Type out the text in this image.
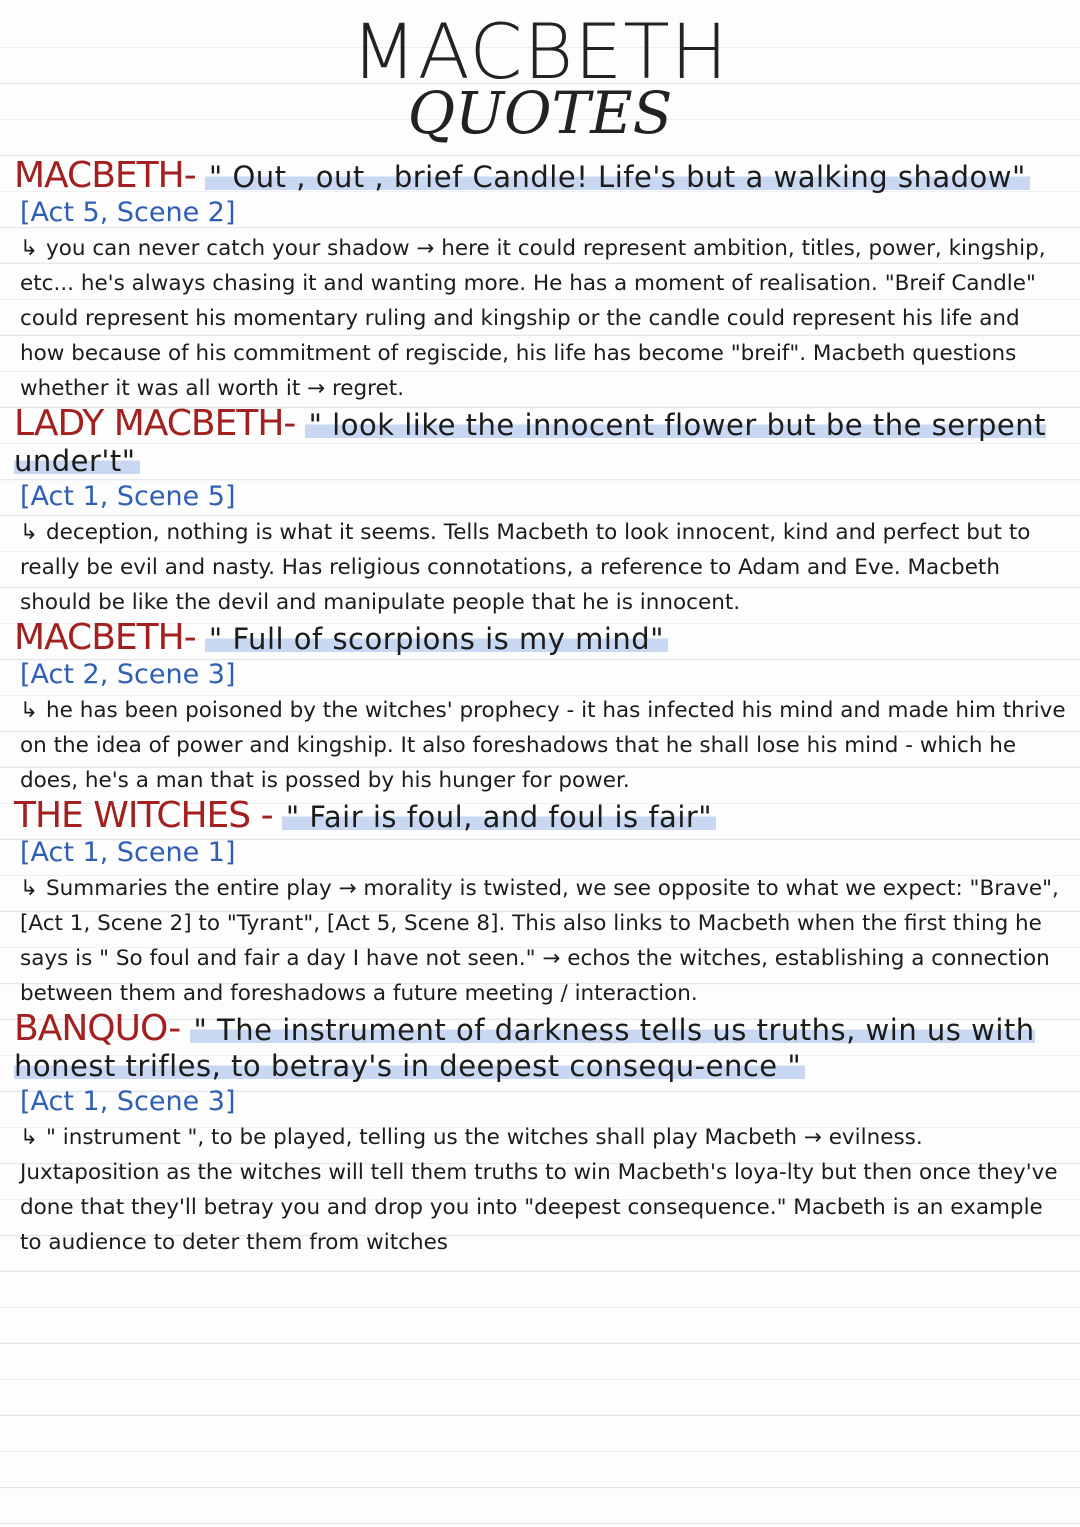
MACBETH
QUOTES
MACBETH- " Out , out , brief Candle! Life's but a walking shadow"
[Act 5, Scene 2]
↳ you can never catch your shadow → here it could represent ambition, titles, power, kingship, etc... he's always chasing it and wanting more. He has a moment of realisation. "Breif Candle" could represent his momentary ruling and kingship or the candle could represent his life and how because of his commitment of regiscide, his life has become "breif". Macbeth questions whether it was all worth it → regret.
LADY MACBETH- " look like the innocent flower but be the serpent under't"
[Act 1, Scene 5]
↳ deception, nothing is what it seems. Tells Macbeth to look innocent, kind and perfect but to really be evil and nasty. Has religious connotations, a reference to Adam and Eve. Macbeth should be like the devil and manipulate people that he is innocent.
MACBETH- " Full of scorpions is my mind"
[Act 2, Scene 3]
↳ he has been poisoned by the witches' prophecy - it has infected his mind and made him thrive on the idea of power and kingship. It also foreshadows that he shall lose his mind - which he does, he's a man that is possed by his hunger for power.
THE WITCHES - " Fair is foul, and foul is fair"
[Act 1, Scene 1]
↳ Summaries the entire play → morality is twisted, we see opposite to what we expect: "Brave", [Act 1, Scene 2] to "Tyrant", [Act 5, Scene 8]. This also links to Macbeth when the first thing he says is " So foul and fair a day I have not seen." → echos the witches, establishing a connection between them and foreshadows a future meeting / interaction.
BANQUO- " The instrument of darkness tells us truths, win us with honest trifles, to betray's in deepest consequ-ence "
[Act 1, Scene 3]
↳ " instrument ", to be played, telling us the witches shall play Macbeth → evilness. Juxtaposition as the witches will tell them truths to win Macbeth's loya-lty but then once they've done that they'll betray you and drop you into "deepest consequence." Macbeth is an example to audience to deter them from witches
